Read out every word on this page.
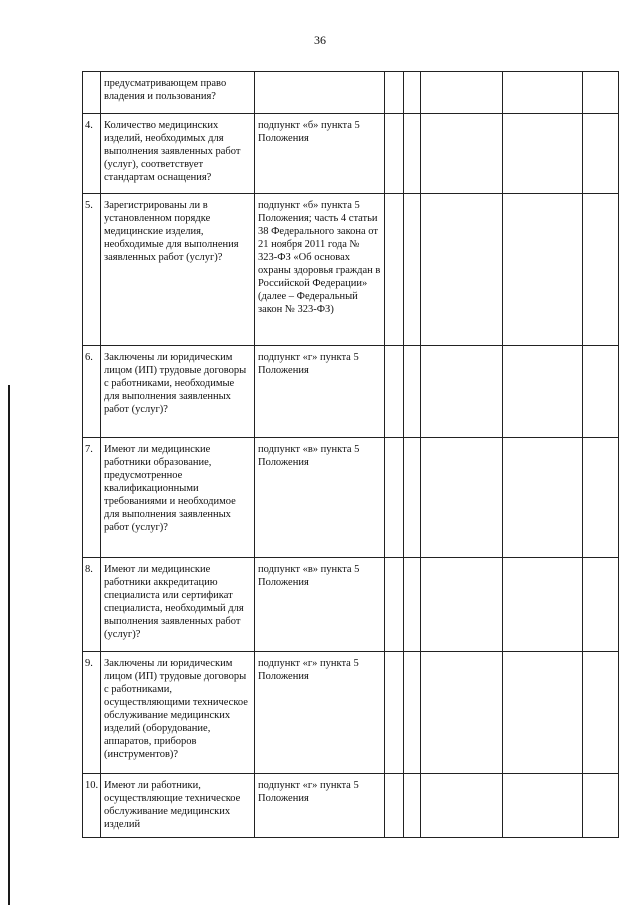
36
	предусматривающем право владения и пользования?						
4.	Количество медицинских изделий, необходимых для выполнения заявленных работ (услуг), соответствует стандартам оснащения?	подпункт «б» пункта 5 Положения					
5.	Зарегистрированы ли в установленном порядке медицинские изделия, необходимые для выполнения заявленных работ (услуг)?	подпункт «б» пункта 5 Положения; часть 4 статьи 38 Федерального закона от 21 ноября 2011 года № 323-ФЗ «Об основах охраны здоровья граждан в Российской Федерации» (далее – Федеральный закон № 323-ФЗ)					
6.	Заключены ли юридическим лицом (ИП) трудовые договоры с работниками, необходимые для выполнения заявленных работ (услуг)?	подпункт «г» пункта 5 Положения					
7.	Имеют ли медицинские работники образование, предусмотренное квалификационными требованиями и необходимое для выполнения заявленных работ (услуг)?	подпункт «в» пункта 5 Положения					
8.	Имеют ли медицинские работники аккредитацию специалиста или сертификат специалиста, необходимый для выполнения заявленных работ (услуг)?	подпункт «в» пункта 5 Положения					
9.	Заключены ли юридическим лицом (ИП) трудовые договоры с работниками, осуществляющими техническое обслуживание медицинских изделий (оборудование, аппаратов, приборов (инструментов)?	подпункт «г» пункта 5 Положения					
10.	Имеют ли работники, осуществляющие техническое обслуживание медицинских изделий	подпункт «г» пункта 5 Положения					
